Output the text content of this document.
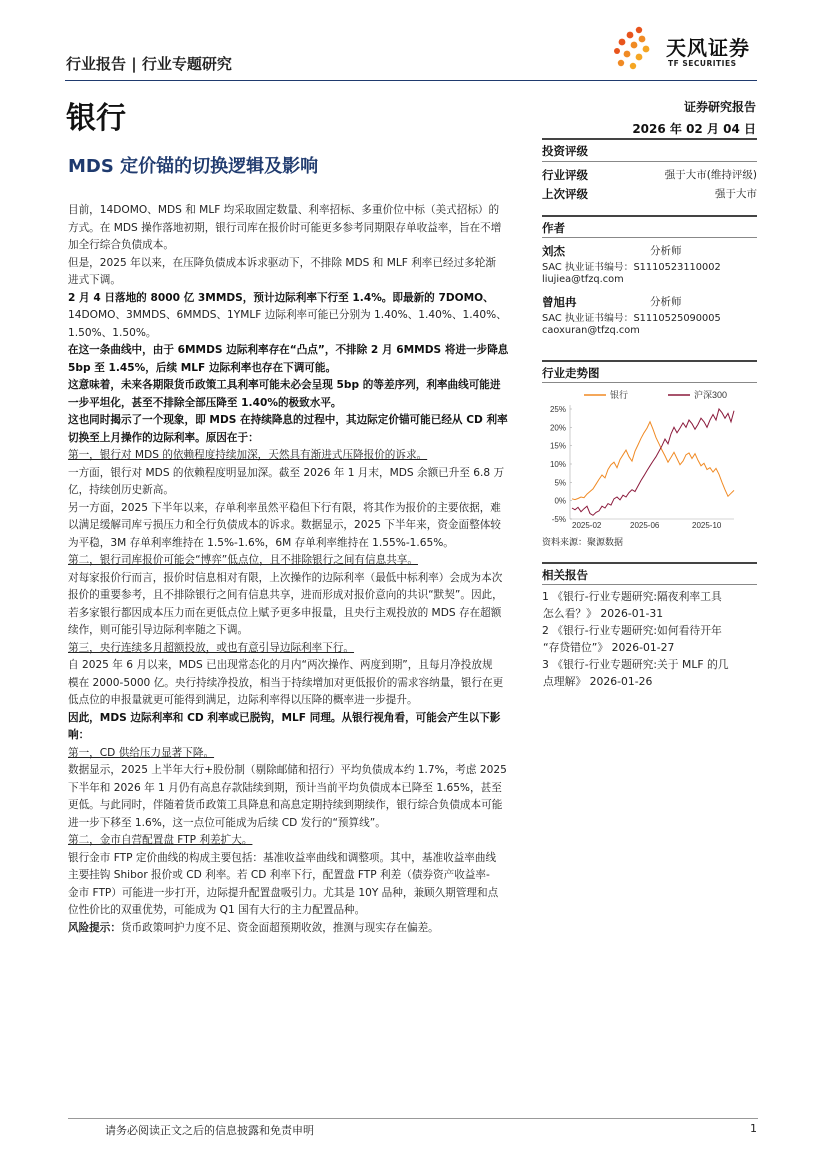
行业报告 | 行业专题研究
天风证券
TF SECURITIES
银行	证券研究报告
2026 年 02 月 04 日
MDS 定价锚的切换逻辑及影响
投资评级
行业评级	强于大市(维持评级)
上次评级	强于大市
作者
刘杰	分析师
SAC 执业证书编号：S1110523110002
liujiea@tfzq.com
曾旭冉	分析师
SAC 执业证书编号：S1110525090005
caoxuran@tfzq.com
行业走势图
银行	沪深300
25%
20%
15%
10%
5%
0%
-5%
2025-02	2025-06	2025-10
资料来源：聚源数据
相关报告
1 《银行-行业专题研究:隔夜利率工具
怎么看？》 2026-01-31
2 《银行-行业专题研究:如何看待开年
“存贷错位”》 2026-01-27
3 《银行-行业专题研究:关于 MLF 的几
点理解》 2026-01-26
目前，14DOMO、MDS 和 MLF 均采取固定数量、利率招标、多重价位中标（美式招标）的
方式。在 MDS 操作落地初期，银行司库在报价时可能更多参考同期限存单收益率，旨在不增
加全行综合负债成本。
但是，2025 年以来，在压降负债成本诉求驱动下，不排除 MDS 和 MLF 利率已经过多轮渐
进式下调。
2 月 4 日落地的 8000 亿 3MMDS，预计边际利率下行至 1.4%。即最新的 7DOMO、
14DOMO、3MMDS、6MMDS、1YMLF 边际利率可能已分别为 1.40%、1.40%、1.40%、
1.50%、1.50%。
在这一条曲线中，由于 6MMDS 边际利率存在“凸点”，不排除 2 月 6MMDS 将进一步降息
5bp 至 1.45%，后续 MLF 边际利率也存在下调可能。
这意味着，未来各期限货币政策工具利率可能未必会呈现 5bp 的等差序列，利率曲线可能进
一步平坦化，甚至不排除全部压降至 1.40%的极致水平。
这也同时揭示了一个现象，即 MDS 在持续降息的过程中，其边际定价锚可能已经从 CD 利率
切换至上月操作的边际利率。原因在于：
第一，银行对 MDS 的依赖程度持续加深，天然具有渐进式压降报价的诉求。
一方面，银行对 MDS 的依赖程度明显加深。截至 2026 年 1 月末，MDS 余额已升至 6.8 万
亿，持续创历史新高。
另一方面，2025 下半年以来，存单利率虽然平稳但下行有限，将其作为报价的主要依据，难
以满足缓解司库亏损压力和全行负债成本的诉求。数据显示，2025 下半年来，资金面整体较
为平稳，3M 存单利率维持在 1.5%-1.6%，6M 存单利率维持在 1.55%-1.65%。
第二，银行司库报价可能会“博弈”低点位，且不排除银行之间有信息共享。
对每家报价行而言，报价时信息相对有限，上次操作的边际利率（最低中标利率）会成为本次
报价的重要参考，且不排除银行之间有信息共享，进而形成对报价意向的共识“默契”。因此，
若多家银行都因成本压力而在更低点位上赋予更多申报量，且央行主观投放的 MDS 存在超额
续作，则可能引导边际利率随之下调。
第三，央行连续多月超额投放，或也有意引导边际利率下行。
自 2025 年 6 月以来，MDS 已出现常态化的月内“两次操作、两度到期”，且每月净投放规
模在 2000-5000 亿。央行持续净投放，相当于持续增加对更低报价的需求容纳量，银行在更
低点位的申报量就更可能得到满足，边际利率得以压降的概率进一步提升。
因此，MDS 边际利率和 CD 利率或已脱钩，MLF 同理。从银行视角看，可能会产生以下影
响：
第一，CD 供给压力显著下降。
数据显示，2025 上半年大行+股份制（剔除邮储和招行）平均负债成本约 1.7%，考虑 2025
下半年和 2026 年 1 月仍有高息存款陆续到期，预计当前平均负债成本已降至 1.65%，甚至
更低。与此同时，伴随着货币政策工具降息和高息定期持续到期续作，银行综合负债成本可能
进一步下移至 1.6%，这一点位可能成为后续 CD 发行的“预算线”。
第二，金市自营配置盘 FTP 利差扩大。
银行金市 FTP 定价曲线的构成主要包括：基准收益率曲线和调整项。其中，基准收益率曲线
主要挂钩 Shibor 报价或 CD 利率。若 CD 利率下行，配置盘 FTP 利差（债券资产收益率-
金市 FTP）可能进一步打开，边际提升配置盘吸引力。尤其是 10Y 品种，兼顾久期管理和点
位性价比的双重优势，可能成为 Q1 国有大行的主力配置品种。
风险提示：货币政策呵护力度不足、资金面超预期收敛，推测与现实存在偏差。
请务必阅读正文之后的信息披露和免责申明	1
